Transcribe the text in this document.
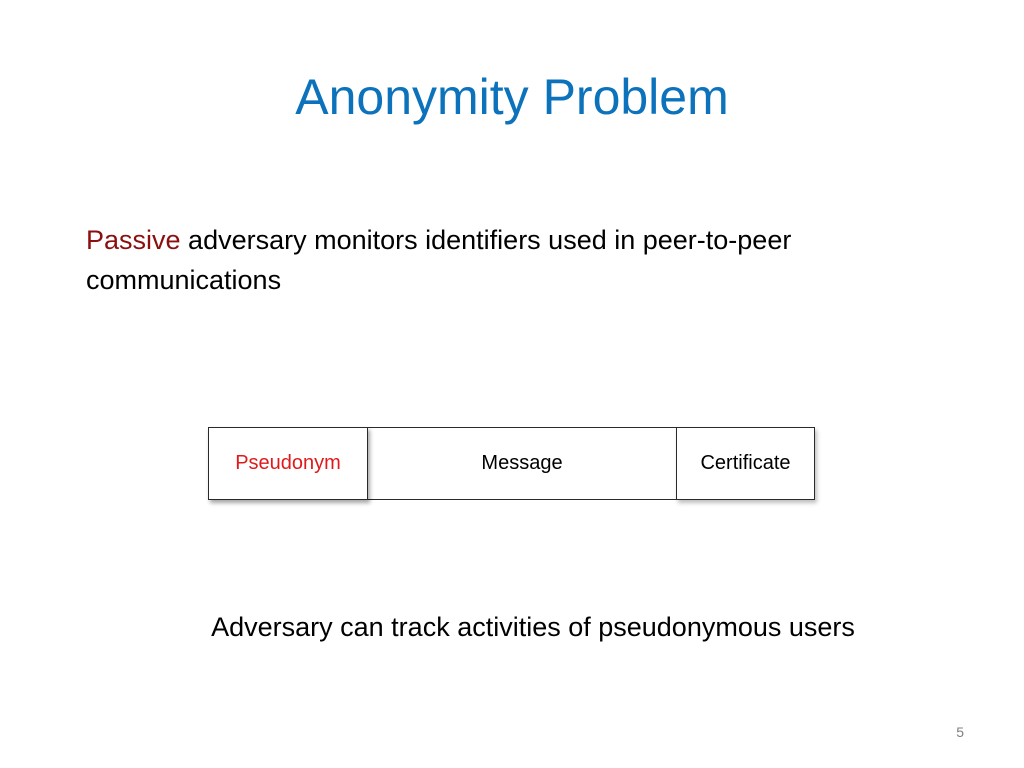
Anonymity Problem
Passive adversary monitors identifiers used in peer-to-peer communications
Pseudonym	Message	Certificate
Adversary can track activities of pseudonymous users
5
